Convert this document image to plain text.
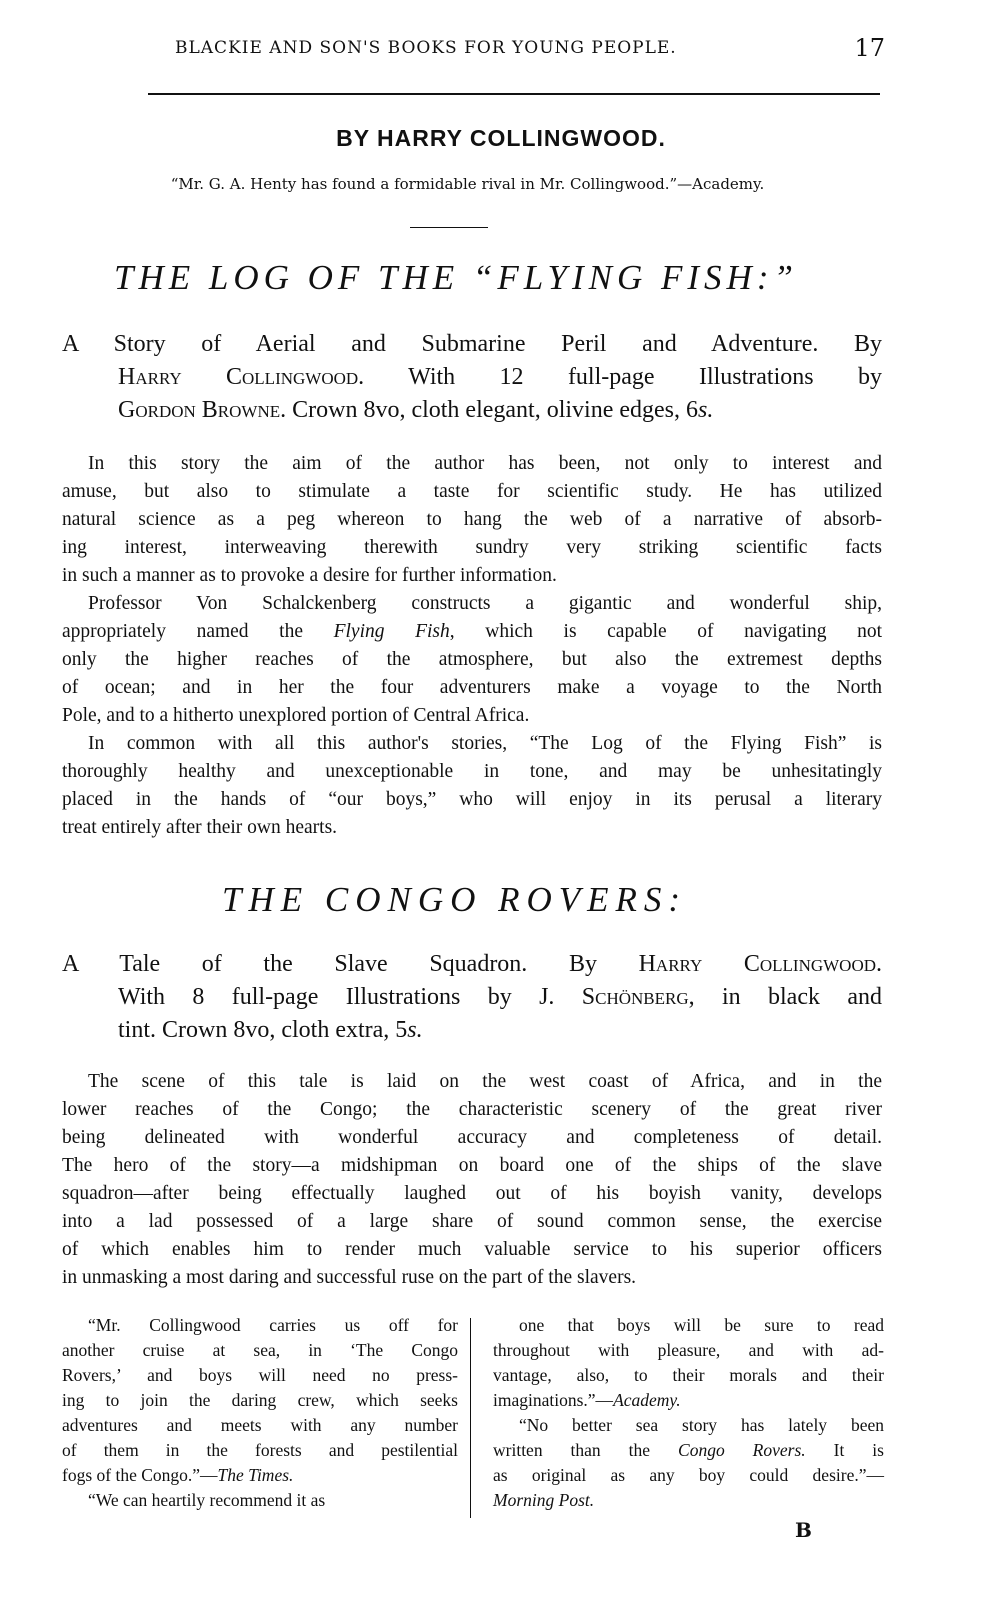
BLACKIE AND SON'S BOOKS FOR YOUNG PEOPLE.	17
BY HARRY COLLINGWOOD.
“Mr. G. A. Henty has found a formidable rival in Mr. Collingwood.”—Academy.
THE LOG OF THE “FLYING FISH:”
A Story of Aerial and Submarine Peril and Adventure. By
Harry Collingwood. With 12 full-page Illustrations by
Gordon Browne. Crown 8vo, cloth elegant, olivine edges, 6s.
In this story the aim of the author has been, not only to interest and
amuse, but also to stimulate a taste for scientific study. He has utilized
natural science as a peg whereon to hang the web of a narrative of absorb-
ing interest, interweaving therewith sundry very striking scientific facts
in such a manner as to provoke a desire for further information.
Professor Von Schalckenberg constructs a gigantic and wonderful ship,
appropriately named the Flying Fish, which is capable of navigating not
only the higher reaches of the atmosphere, but also the extremest depths
of ocean; and in her the four adventurers make a voyage to the North
Pole, and to a hitherto unexplored portion of Central Africa.
In common with all this author's stories, “The Log of the Flying Fish” is
thoroughly healthy and unexceptionable in tone, and may be unhesitatingly
placed in the hands of “our boys,” who will enjoy in its perusal a literary
treat entirely after their own hearts.
THE CONGO ROVERS:
A Tale of the Slave Squadron. By Harry Collingwood.
With 8 full-page Illustrations by J. Schönberg, in black and
tint. Crown 8vo, cloth extra, 5s.
The scene of this tale is laid on the west coast of Africa, and in the
lower reaches of the Congo; the characteristic scenery of the great river
being delineated with wonderful accuracy and completeness of detail.
The hero of the story—a midshipman on board one of the ships of the slave
squadron—after being effectually laughed out of his boyish vanity, develops
into a lad possessed of a large share of sound common sense, the exercise
of which enables him to render much valuable service to his superior officers
in unmasking a most daring and successful ruse on the part of the slavers.
“Mr. Collingwood carries us off for
another cruise at sea, in ‘The Congo
Rovers,’ and boys will need no press-
ing to join the daring crew, which seeks
adventures and meets with any number
of them in the forests and pestilential
fogs of the Congo.”—The Times.
“We can heartily recommend it as
one that boys will be sure to read
throughout with pleasure, and with ad-
vantage, also, to their morals and their
imaginations.”—Academy.
“No better sea story has lately been
written than the Congo Rovers. It is
as original as any boy could desire.”—
Morning Post.
B
